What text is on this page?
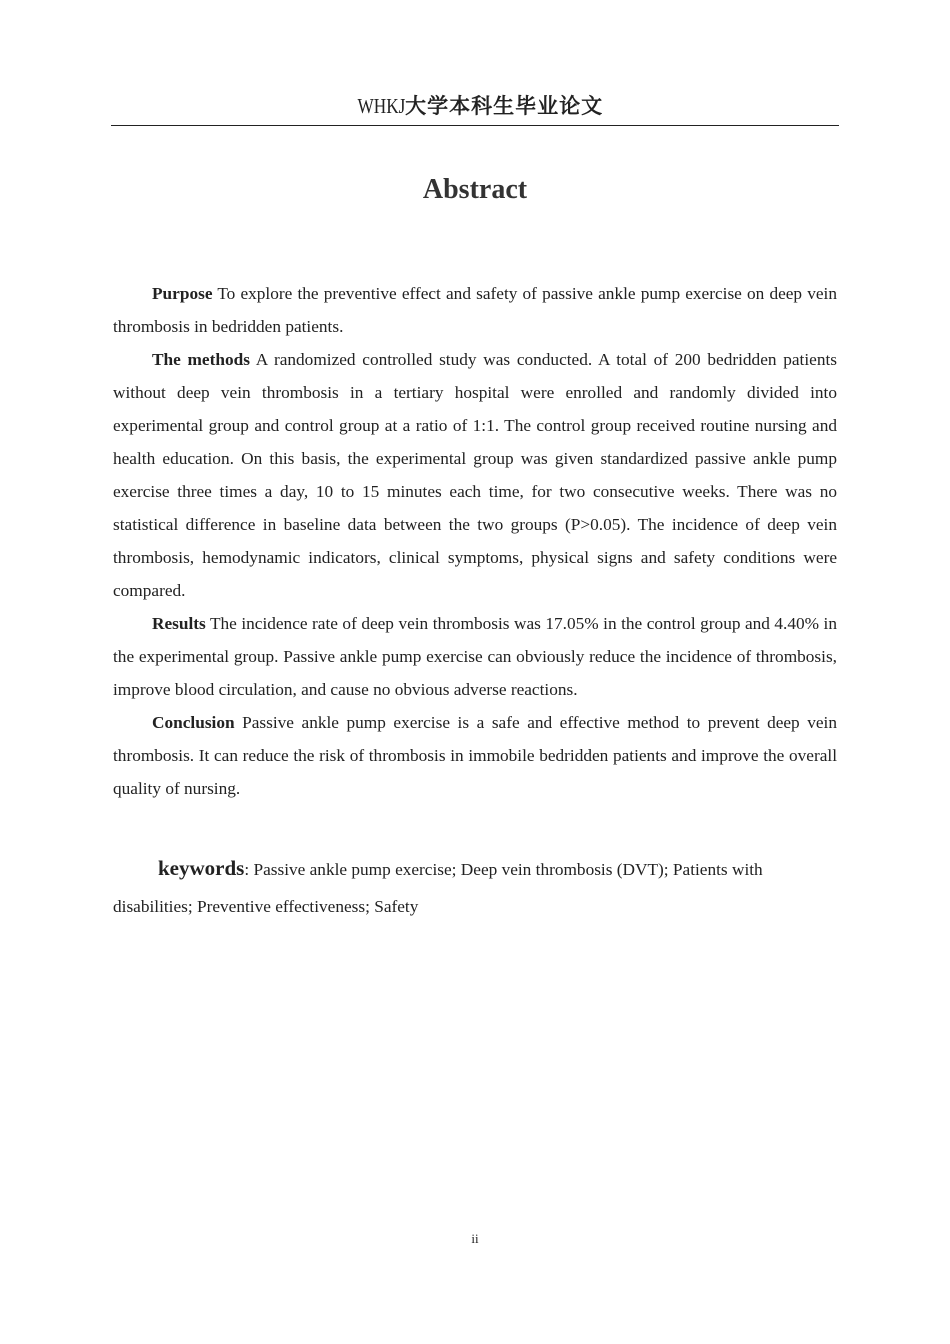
WHKJ大学本科生毕业论文
Abstract

Purpose To explore the preventive effect and safety of passive ankle pump exercise on deep vein thrombosis in bedridden patients.

The methods A randomized controlled study was conducted. A total of 200 bedridden patients without deep vein thrombosis in a tertiary hospital were enrolled and randomly divided into experimental group and control group at a ratio of 1:1. The control group received routine nursing and health education. On this basis, the experimental group was given standardized passive ankle pump exercise three times a day, 10 to 15 minutes each time, for two consecutive weeks. There was no statistical difference in baseline data between the two groups (P>0.05). The incidence of deep vein thrombosis, hemodynamic indicators, clinical symptoms, physical signs and safety conditions were compared.

Results The incidence rate of deep vein thrombosis was 17.05% in the control group and 4.40% in the experimental group. Passive ankle pump exercise can obviously reduce the incidence of thrombosis, improve blood circulation, and cause no obvious adverse reactions.

Conclusion Passive ankle pump exercise is a safe and effective method to prevent deep vein thrombosis. It can reduce the risk of thrombosis in immobile bedridden patients and improve the overall quality of nursing.

keywords: Passive ankle pump exercise; Deep vein thrombosis (DVT); Patients with disabilities; Preventive effectiveness; Safety
ii
